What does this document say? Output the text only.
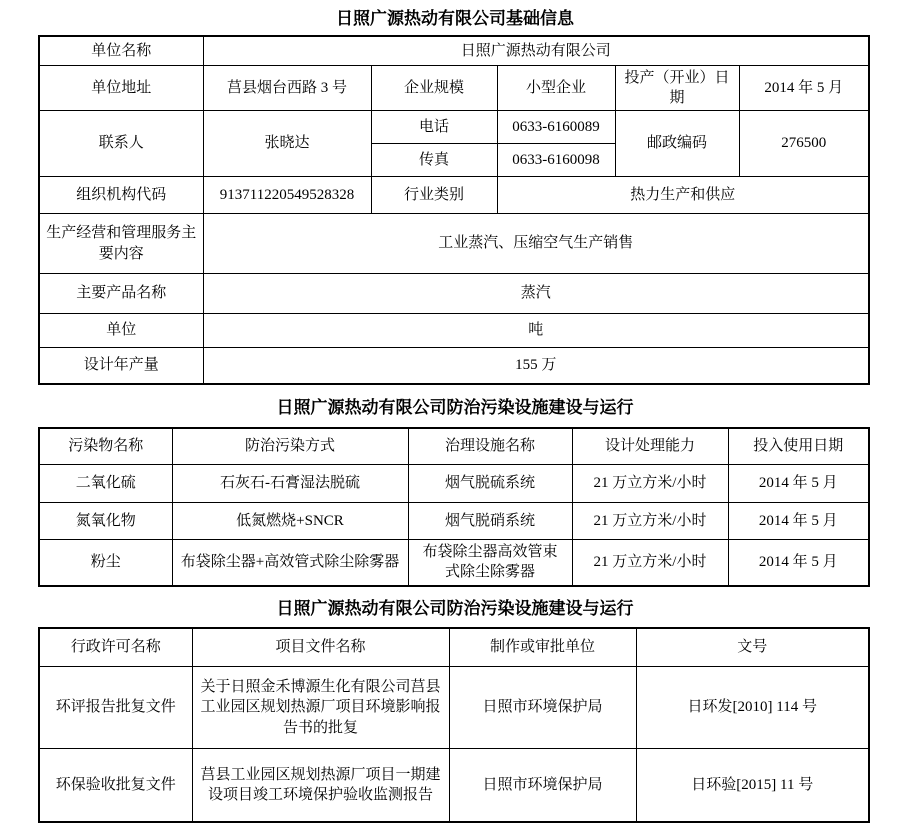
日照广源热动有限公司基础信息
单位名称	日照广源热动有限公司				
单位地址	莒县烟台西路 3 号	企业规模	小型企业	投产（开业）日期	2014 年 5 月
联系人	张晓达	电话	0633-6160089	邮政编码	276500
		传真	0633-6160098		
组织机构代码	913711220549528328	行业类别	热力生产和供应		
生产经营和管理服务主要内容	工业蒸汽、压缩空气生产销售				
主要产品名称	蒸汽				
单位	吨				
设计年产量	155 万				
日照广源热动有限公司防治污染设施建设与运行
污染物名称	防治污染方式	治理设施名称	设计处理能力	投入使用日期
二氧化硫	石灰石-石膏湿法脱硫	烟气脱硫系统	21 万立方米/小时	2014 年 5 月
氮氧化物	低氮燃烧+SNCR	烟气脱硝系统	21 万立方米/小时	2014 年 5 月
粉尘	布袋除尘器+高效管式除尘除雾器	布袋除尘器高效管束 式除尘除雾器	21 万立方米/小时	2014 年 5 月
日照广源热动有限公司防治污染设施建设与运行
行政许可名称	项目文件名称	制作或审批单位	文号
环评报告批复文件	关于日照金禾博源生化有限公司莒县 工业园区规划热源厂项目环境影响报 告书的批复	日照市环境保护局	日环发[2010] 114 号
环保验收批复文件	莒县工业园区规划热源厂项目一期建 设项目竣工环境保护验收监测报告	日照市环境保护局	日环验[2015] 11 号
